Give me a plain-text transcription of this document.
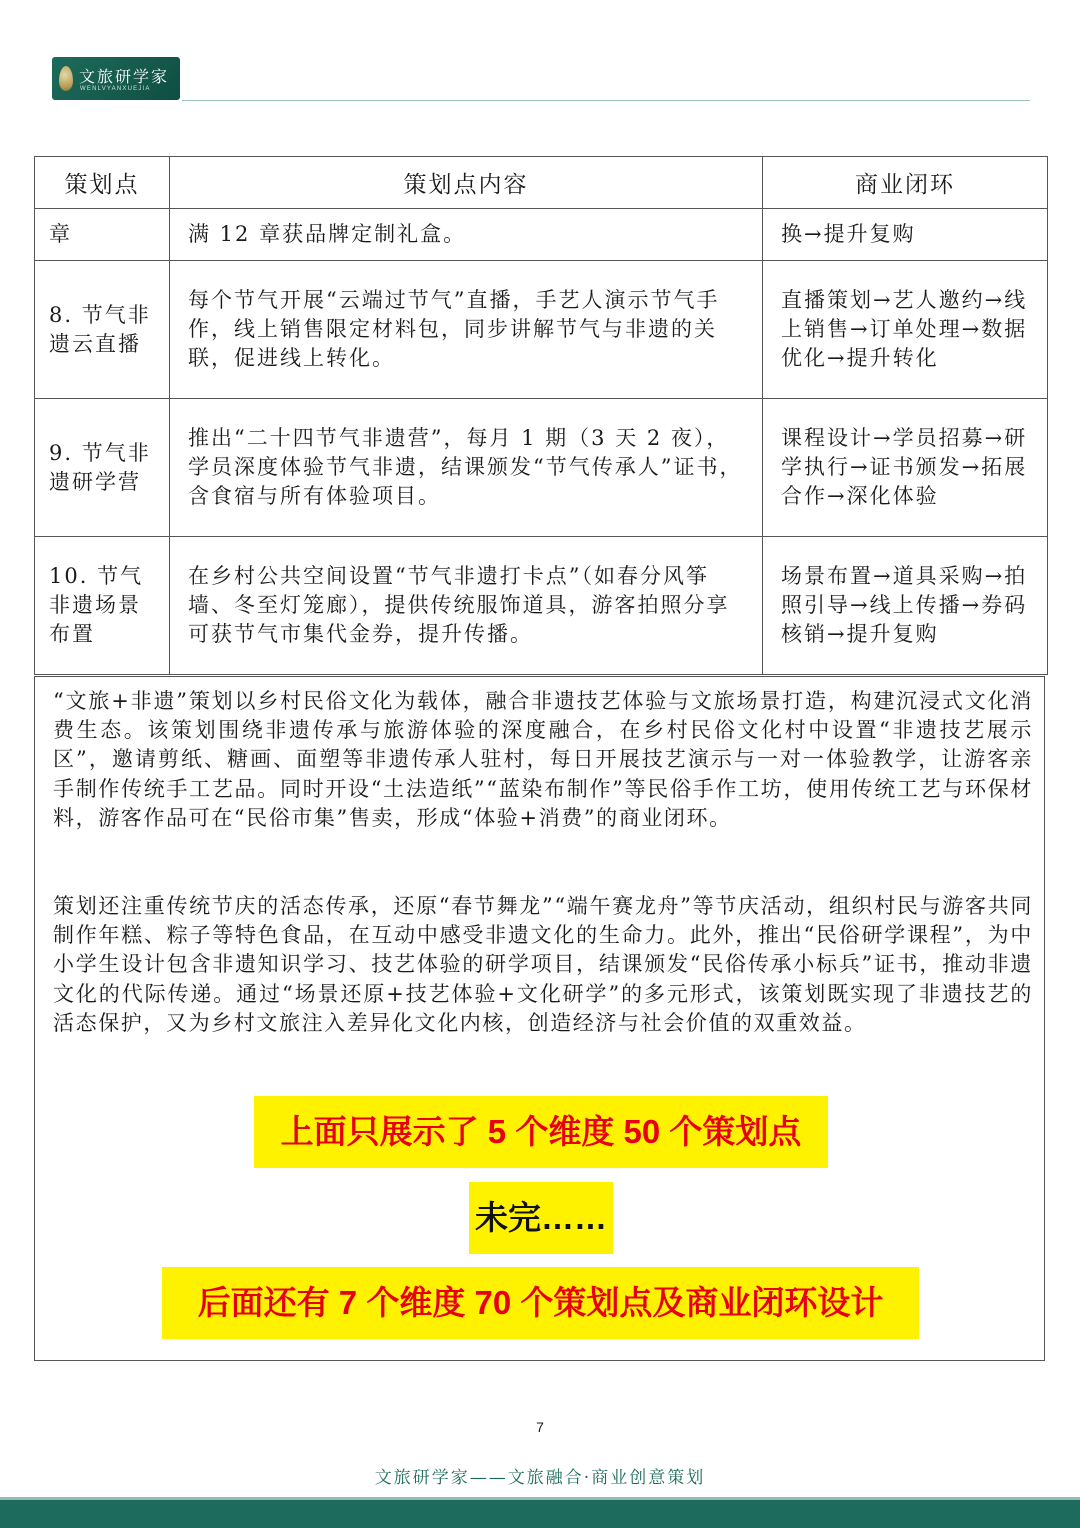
文旅研学家
WENLVYANXUEJIA
策划点	策划点内容	商业闭环
章	满 12 章获品牌定制礼盒。	换→提升复购
8. 节气非遗云直播	每个节气开展“云端过节气”直播，手艺人演示节气手作，线上销售限定材料包，同步讲解节气与非遗的关联，促进线上转化。	直播策划→艺人邀约→线上销售→订单处理→数据优化→提升转化
9. 节气非遗研学营	推出“二十四节气非遗营”，每月 1 期（3 天 2 夜），学员深度体验节气非遗，结课颁发“节气传承人”证书，含食宿与所有体验项目。	课程设计→学员招募→研学执行→证书颁发→拓展合作→深化体验
10. 节气非遗场景布置	在乡村公共空间设置“节气非遗打卡点”（如春分风筝墙、冬至灯笼廊），提供传统服饰道具，游客拍照分享可获节气市集代金券，提升传播。	场景布置→道具采购→拍照引导→线上传播→券码核销→提升复购

“文旅+非遗”策划以乡村民俗文化为载体，融合非遗技艺体验与文旅场景打造，构建沉浸式文化消费生态。该策划围绕非遗传承与旅游体验的深度融合，在乡村民俗文化村中设置“非遗技艺展示区”，邀请剪纸、糖画、面塑等非遗传承人驻村，每日开展技艺演示与一对一体验教学，让游客亲手制作传统手工艺品。同时开设“土法造纸”“蓝染布制作”等民俗手作工坊，使用传统工艺与环保材料，游客作品可在“民俗市集”售卖，形成“体验+消费”的商业闭环。

策划还注重传统节庆的活态传承，还原“春节舞龙”“端午赛龙舟”等节庆活动，组织村民与游客共同制作年糕、粽子等特色食品，在互动中感受非遗文化的生命力。此外，推出“民俗研学课程”，为中小学生设计包含非遗知识学习、技艺体验的研学项目，结课颁发“民俗传承小标兵”证书，推动非遗文化的代际传递。通过“场景还原+技艺体验+文化研学”的多元形式，该策划既实现了非遗技艺的活态保护，又为乡村文旅注入差异化文化内核，创造经济与社会价值的双重效益。

上面只展示了 5 个维度 50 个策划点
未完……
后面还有 7 个维度 70 个策划点及商业闭环设计
7
文旅研学家——文旅融合·商业创意策划
